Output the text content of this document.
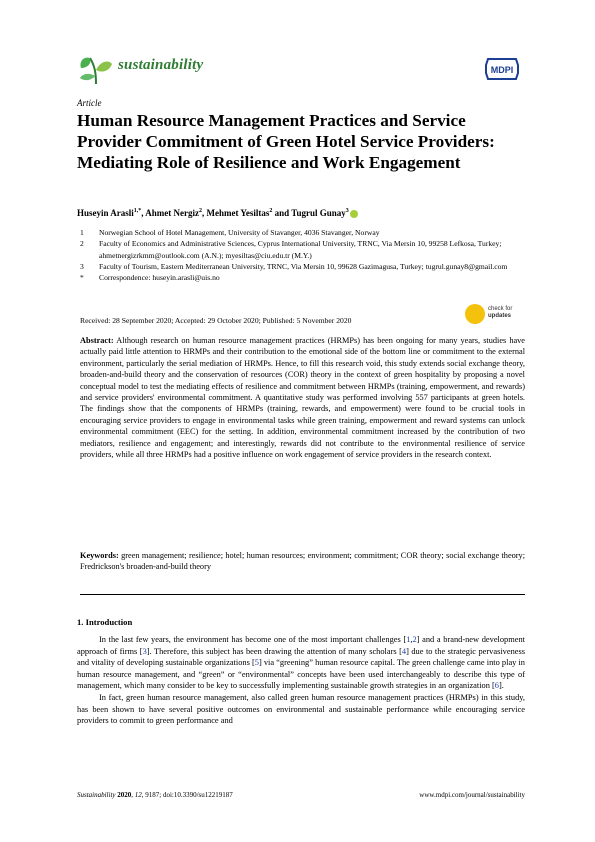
sustainability	MDPI
Article
Human Resource Management Practices and Service Provider Commitment of Green Hotel Service Providers: Mediating Role of Resilience and Work Engagement
Huseyin Arasli$^{1,*}$, Ahmet Nergiz$^2$, Mehmet Yesiltas$^2$ and Tugrul Gunay$^3$
1	Norwegian School of Hotel Management, University of Stavanger, 4036 Stavanger, Norway
2	Faculty of Economics and Administrative Sciences, Cyprus International University, TRNC, Via Mersin 10, 99258 Lefkosa, Turkey; ahmetnergizrkmm@outlook.com (A.N.); myesiltas@ciu.edu.tr (M.Y.)
3	Faculty of Tourism, Eastern Mediterranean University, TRNC, Via Mersin 10, 99628 Gazimagusa, Turkey; tugrul.gunay8@gmail.com
*	Correspondence: huseyin.arasli@uis.no
Received: 28 September 2020; Accepted: 29 October 2020; Published: 5 November 2020
check for
updates
Abstract: Although research on human resource management practices (HRMPs) has been ongoing for many years, studies have actually paid little attention to HRMPs and their contribution to the emotional side of the bottom line or commitment to the external environment, particularly the serial mediation of HRMPs. Hence, to fill this research void, this study extends social exchange theory, broaden-and-build theory and the conservation of resources (COR) theory in the context of green hospitality by proposing a novel conceptual model to test the mediating effects of resilience and commitment between HRMPs (training, empowerment, and rewards) and service providers' environmental commitment. A quantitative study was performed involving 557 participants at green hotels. The findings show that the components of HRMPs (training, rewards, and empowerment) were found to be crucial tools in encouraging service providers to engage in environmental tasks while green training, empowerment and reward systems can unlock environmental commitment (EEC) for the setting. In addition, environmental commitment increased by the contribution of two mediators, resilience and engagement; and interestingly, rewards did not contribute to the environmental resilience of service providers, while all three HRMPs had a positive influence on work engagement of service providers in the research context.
Keywords: green management; resilience; hotel; human resources; environment; commitment; COR theory; social exchange theory; Fredrickson's broaden-and-build theory
1. Introduction

In the last few years, the environment has become one of the most important challenges [1,2] and a brand-new development approach of firms [3]. Therefore, this subject has been drawing the attention of many scholars [4] due to the strategic pervasiveness and vitality of developing sustainable organizations [5] via “greening” human resource capital. The green challenge came into play in human resource management, and “green” or “environmental” concepts have been used interchangeably to describe this type of management, which many consider to be key to successfully implementing sustainable growth strategies in an organization [6].

In fact, green human resource management, also called green human resource management practices (HRMPs) in this study, has been shown to have several positive outcomes on environmental and sustainable performance while encouraging service providers to commit to green performance and

Sustainability 2020, 12, 9187; doi:10.3390/su12219187	www.mdpi.com/journal/sustainability
